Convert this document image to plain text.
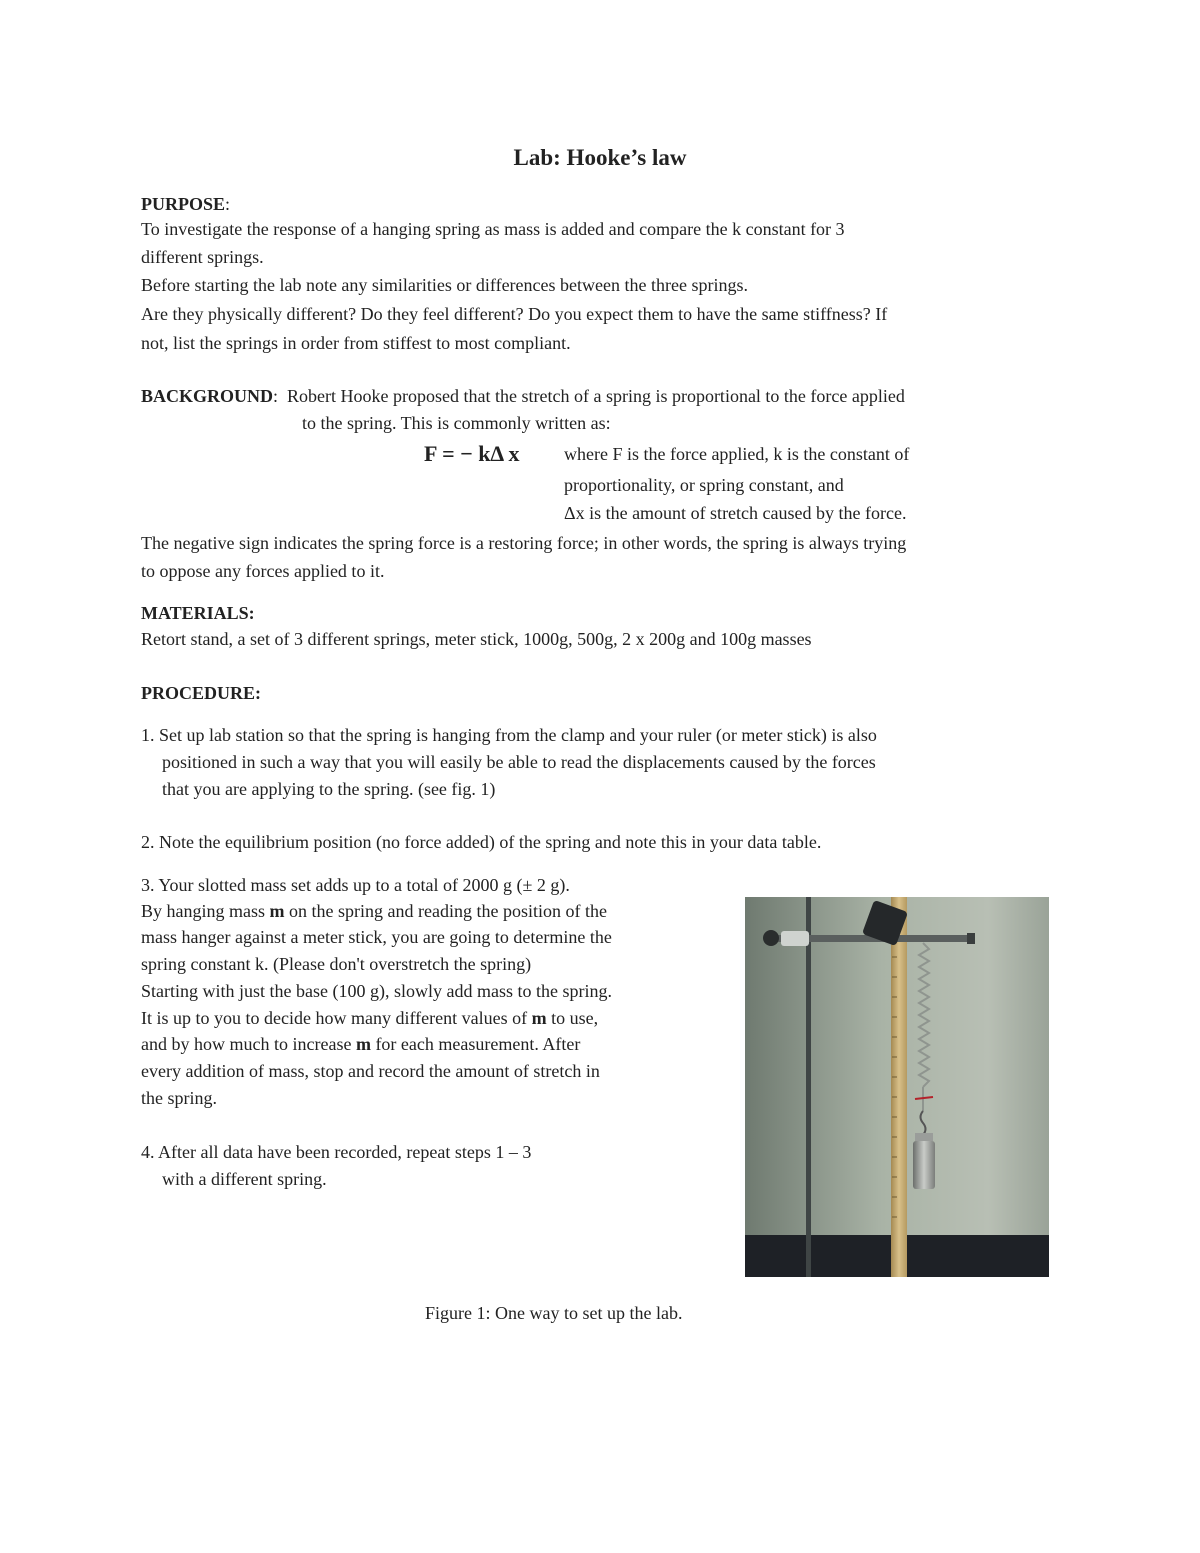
Lab: Hooke’s law
PURPOSE:
To investigate the response of a hanging spring as mass is added and compare the k constant for 3
different springs.
Before starting the lab note any similarities or differences between the three springs.
Are they physically different? Do they feel different? Do you expect them to have the same stiffness? If
not, list the springs in order from stiffest to most compliant.
BACKGROUND:  Robert Hooke proposed that the stretch of a spring is proportional to the force applied
to the spring. This is commonly written as:
F = − kΔ x where F is the force applied, k is the constant of
proportionality, or spring constant, and
Δx is the amount of stretch caused by the force.
The negative sign indicates the spring force is a restoring force; in other words, the spring is always trying
to oppose any forces applied to it.
MATERIALS:
Retort stand, a set of 3 different springs, meter stick, 1000g, 500g, 2 x 200g and 100g masses
PROCEDURE:
1. Set up lab station so that the spring is hanging from the clamp and your ruler (or meter stick) is also
positioned in such a way that you will easily be able to read the displacements caused by the forces
that you are applying to the spring. (see fig. 1)
2. Note the equilibrium position (no force added) of the spring and note this in your data table.
3. Your slotted mass set adds up to a total of 2000 g (± 2 g).
By hanging mass m on the spring and reading the position of the
mass hanger against a meter stick, you are going to determine the
spring constant k. (Please don't overstretch the spring)
Starting with just the base (100 g), slowly add mass to the spring.
It is up to you to decide how many different values of m to use,
and by how much to increase m for each measurement. After
every addition of mass, stop and record the amount of stretch in
the spring.
4. After all data have been recorded, repeat steps 1 – 3
with a different spring.
Figure 1: One way to set up the lab.
